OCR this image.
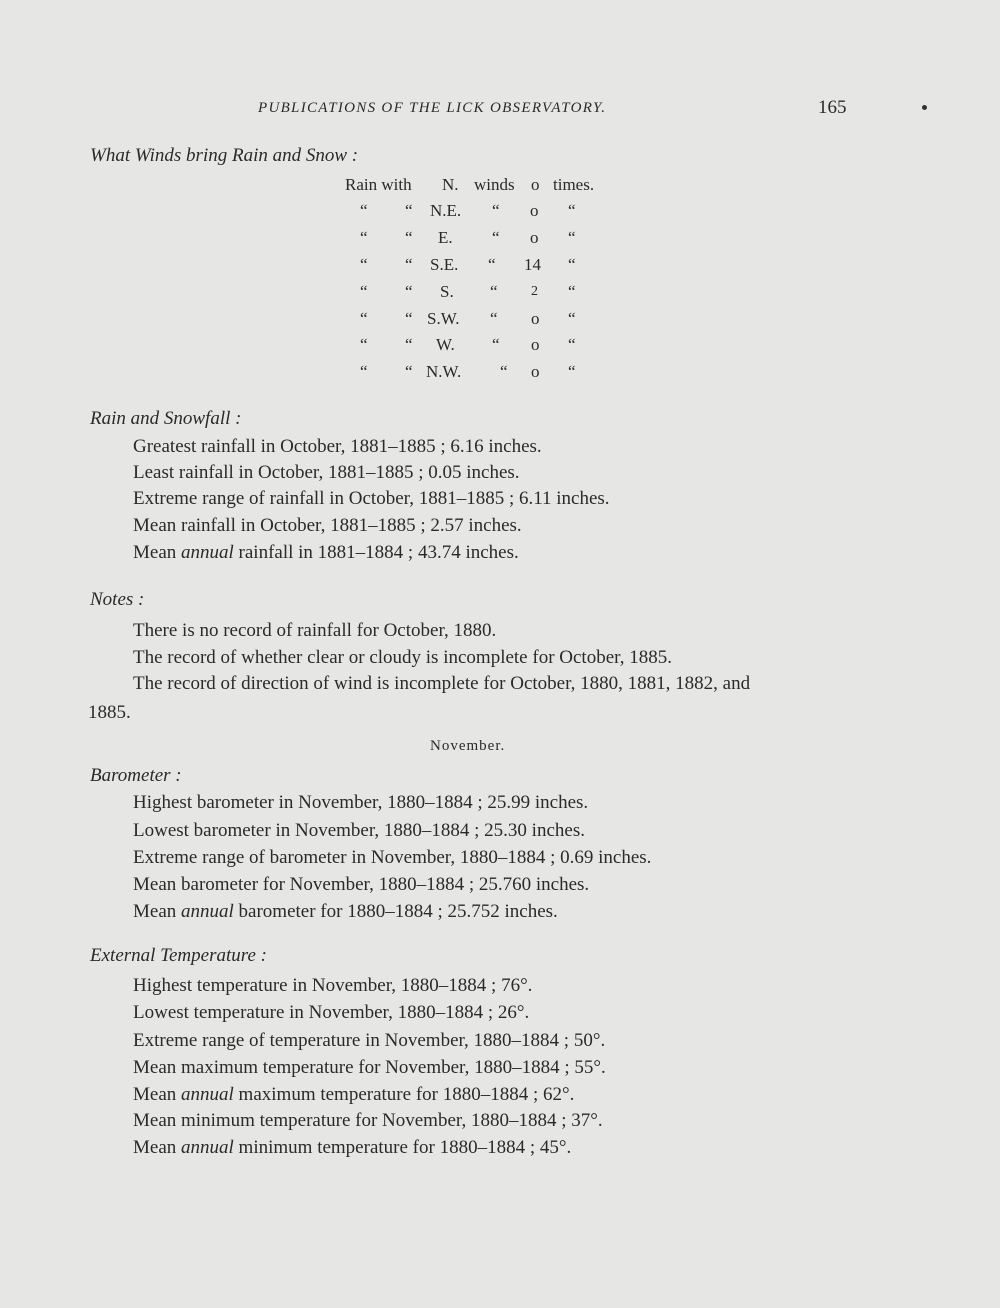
PUBLICATIONS OF THE LICK OBSERVATORY.	165
What Winds bring Rain and Snow :
Rain with N. winds o times.
“ “ N.E. “ o “
“ “ E. “ o “
“ “ S.E. “ 14 “
“ “ S. “ 2 “
“ “ S.W. “ o “
“ “ W. “ o “
“ “ N.W. “ o “
Rain and Snowfall :
Greatest rainfall in October, 1881–1885 ; 6.16 inches.
Least rainfall in October, 1881–1885 ; 0.05 inches.
Extreme range of rainfall in October, 1881–1885 ; 6.11 inches.
Mean rainfall in October, 1881–1885 ; 2.57 inches.
Mean annual rainfall in 1881–1884 ; 43.74 inches.
Notes :
There is no record of rainfall for October, 1880.
The record of whether clear or cloudy is incomplete for October, 1885.
The record of direction of wind is incomplete for October, 1880, 1881, 1882, and
1885.
November.
Barometer :
Highest barometer in November, 1880–1884 ; 25.99 inches.
Lowest barometer in November, 1880–1884 ; 25.30 inches.
Extreme range of barometer in November, 1880–1884 ; 0.69 inches.
Mean barometer for November, 1880–1884 ; 25.760 inches.
Mean annual barometer for 1880–1884 ; 25.752 inches.
External Temperature :
Highest temperature in November, 1880–1884 ; 76°.
Lowest temperature in November, 1880–1884 ; 26°.
Extreme range of temperature in November, 1880–1884 ; 50°.
Mean maximum temperature for November, 1880–1884 ; 55°.
Mean annual maximum temperature for 1880–1884 ; 62°.
Mean minimum temperature for November, 1880–1884 ; 37°.
Mean annual minimum temperature for 1880–1884 ; 45°.
